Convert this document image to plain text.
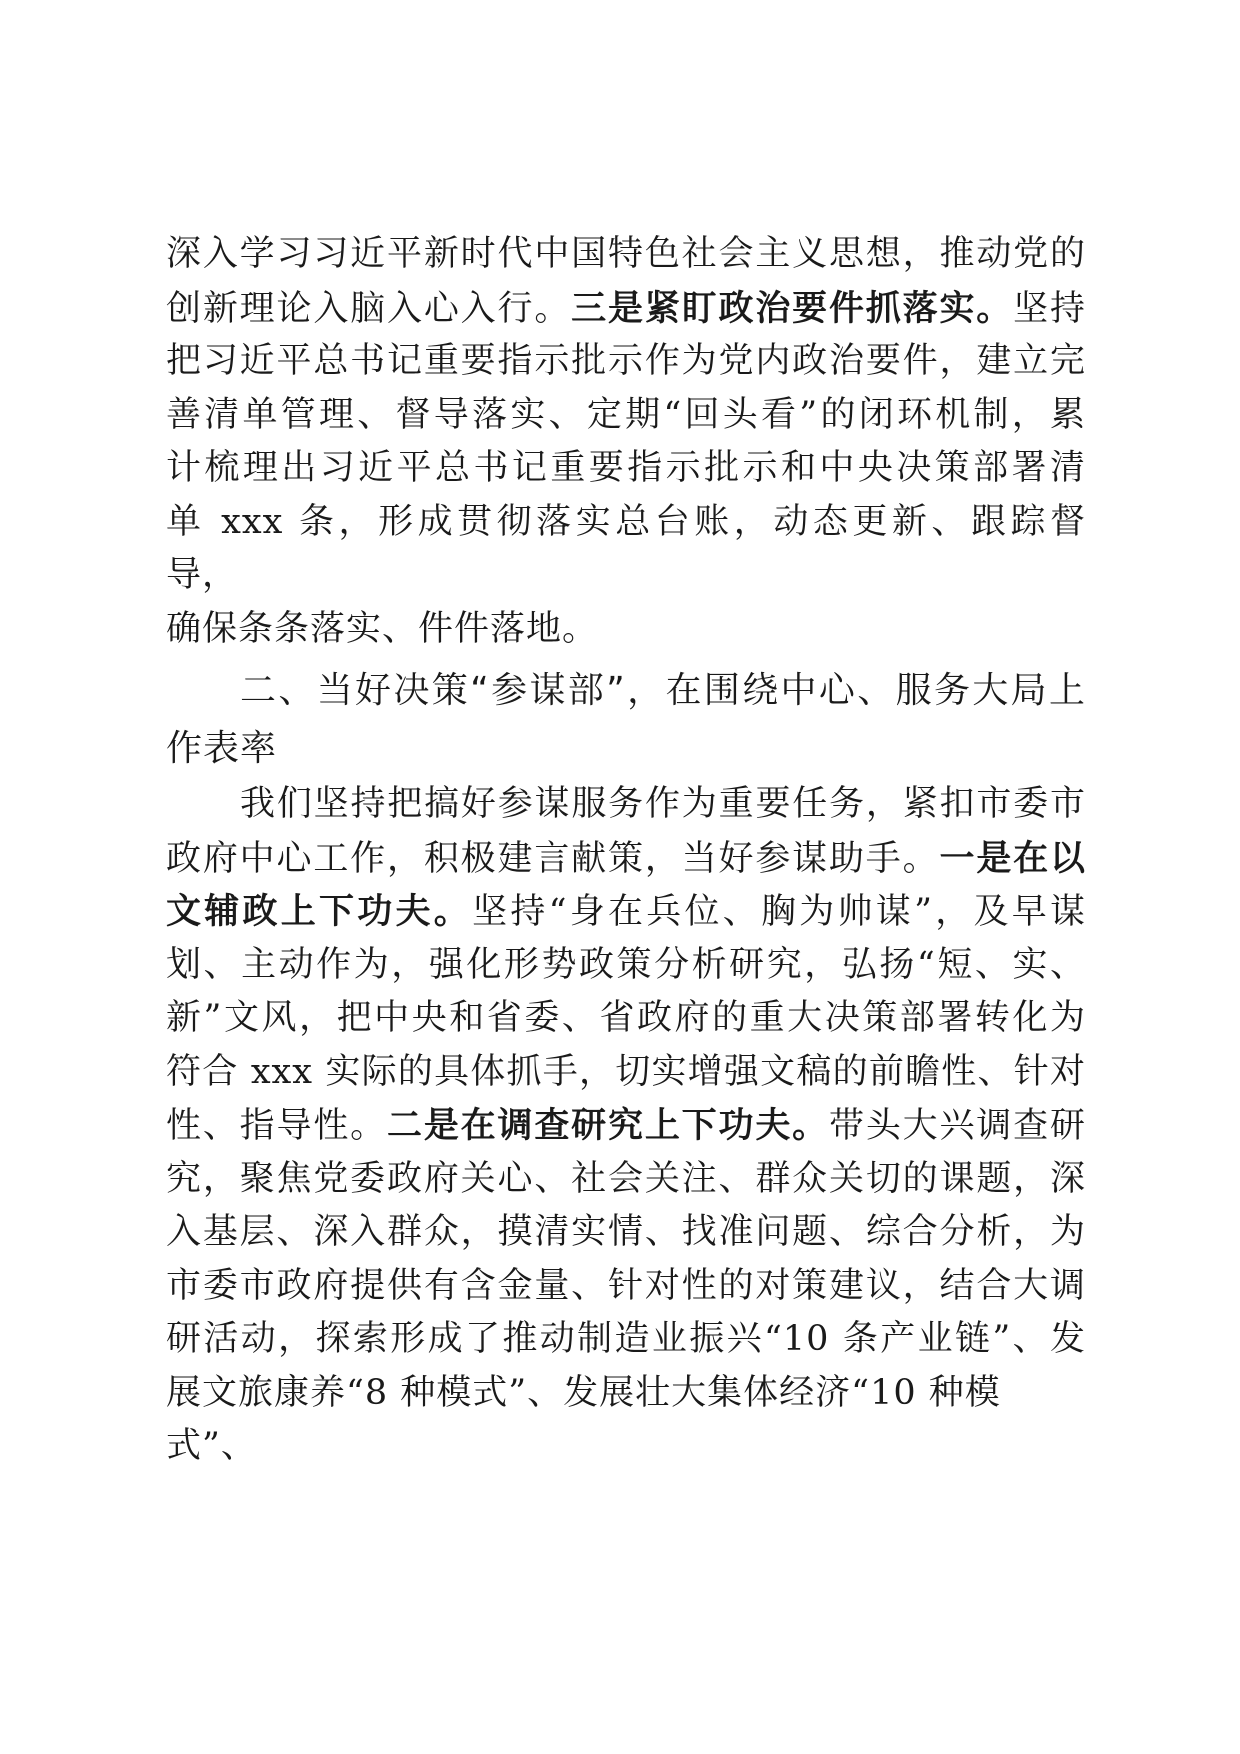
深入学习习近平新时代中国特色社会主义思想，推动党的
创新理论入脑入心入行。三是紧盯政治要件抓落实。坚持
把习近平总书记重要指示批示作为党内政治要件，建立完
善清单管理、督导落实、定期“回头看”的闭环机制，累
计梳理出习近平总书记重要指示批示和中央决策部署清
单 xxx 条，形成贯彻落实总台账，动态更新、跟踪督
导，
确保条条落实、件件落地。
二、当好决策“参谋部”，在围绕中心、服务大局上
作表率
我们坚持把搞好参谋服务作为重要任务，紧扣市委市
政府中心工作，积极建言献策，当好参谋助手。一是在以
文辅政上下功夫。坚持“身在兵位、胸为帅谋”，及早谋
划、主动作为，强化形势政策分析研究，弘扬“短、实、
新”文风，把中央和省委、省政府的重大决策部署转化为
符合 xxx 实际的具体抓手，切实增强文稿的前瞻性、针对
性、指导性。二是在调查研究上下功夫。带头大兴调查研
究，聚焦党委政府关心、社会关注、群众关切的课题，深
入基层、深入群众，摸清实情、找准问题、综合分析，为
市委市政府提供有含金量、针对性的对策建议，结合大调
研活动，探索形成了推动制造业振兴“10 条产业链”、发
展文旅康养“8 种模式”、发展壮大集体经济“10 种模
式”、
